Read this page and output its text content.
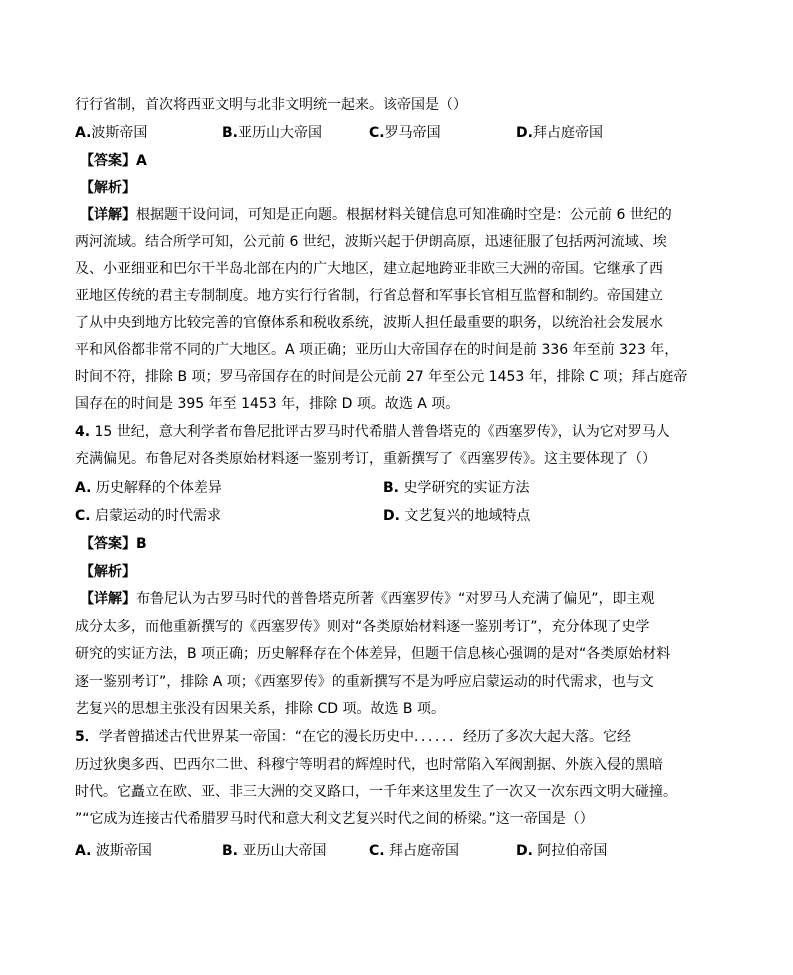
行行省制，首次将西亚文明与北非文明统一起来。该帝国是（）
A.波斯帝国	B.亚历山大帝国	C.罗马帝国	D.拜占庭帝国
【答案】A
【解析】
【详解】根据题干设问词，可知是正向题。根据材料关键信息可知准确时空是：公元前 6 世纪的
两河流域。结合所学可知，公元前 6 世纪，波斯兴起于伊朗高原，迅速征服了包括两河流域、埃
及、小亚细亚和巴尔干半岛北部在内的广大地区，建立起地跨亚非欧三大洲的帝国。它继承了西
亚地区传统的君主专制制度。地方实行行省制，行省总督和军事长官相互监督和制约。帝国建立
了从中央到地方比较完善的官僚体系和税收系统，波斯人担任最重要的职务，以统治社会发展水
平和风俗都非常不同的广大地区。A 项正确；亚历山大帝国存在的时间是前 336 年至前 323 年，
时间不符，排除 B 项；罗马帝国存在的时间是公元前 27 年至公元 1453 年，排除 C 项；拜占庭帝
国存在的时间是 395 年至 1453 年，排除 D 项。故选 A 项。
4. 15 世纪，意大利学者布鲁尼批评古罗马时代希腊人普鲁塔克的《西塞罗传》，认为它对罗马人
充满偏见。布鲁尼对各类原始材料逐一鉴别考订，重新撰写了《西塞罗传》。这主要体现了（）
A. 历史解释的个体差异	B. 史学研究的实证方法
C. 启蒙运动的时代需求	D. 文艺复兴的地域特点
【答案】B
【解析】
【详解】布鲁尼认为古罗马时代的普鲁塔克所著《西塞罗传》“对罗马人充满了偏见”，即主观
成分太多，而他重新撰写的《西塞罗传》则对“各类原始材料逐一鉴别考订”，充分体现了史学
研究的实证方法，B 项正确；历史解释存在个体差异，但题干信息核心强调的是对“各类原始材料
逐一鉴别考订”，排除 A 项；《西塞罗传》的重新撰写不是为呼应启蒙运动的时代需求，也与文
艺复兴的思想主张没有因果关系，排除 CD 项。故选 B 项。
5．学者曾描述古代世界某一帝国：“在它的漫长历史中．．．．．．经历了多次大起大落。它经
历过狄奥多西、巴西尔二世、科穆宁等明君的辉煌时代，也时常陷入军阀割据、外族入侵的黑暗
时代。它矗立在欧、亚、非三大洲的交叉路口，一千年来这里发生了一次又一次东西文明大碰撞。
”“它成为连接古代希腊罗马时代和意大利文艺复兴时代之间的桥梁。”这一帝国是（）
A. 波斯帝国	B. 亚历山大帝国	C. 拜占庭帝国	D. 阿拉伯帝国
